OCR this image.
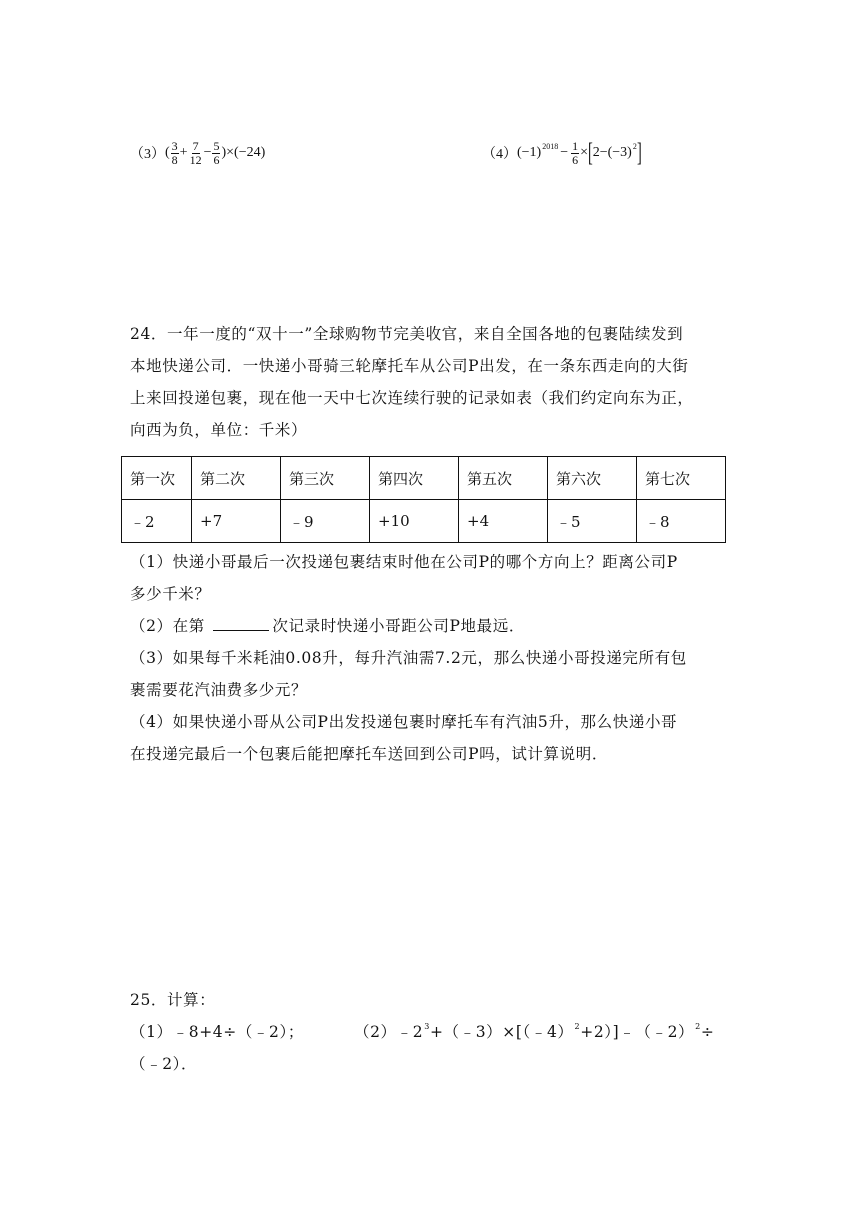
（3） ( $\frac{3}{8} + \frac{7}{12} - \frac{5}{6} )\times(-24)$	（4） (−1) $2018 - \frac{1}{6}$ × [ 2−(−3) 2 ]
24．一年一度的“双十一”全球购物节完美收官，来自全国各地的包裹陆续发到
本地快递公司．一快递小哥骑三轮摩托车从公司P出发，在一条东西走向的大街
上来回投递包裹，现在他一天中七次连续行驶的记录如表（我们约定向东为正，
向西为负，单位：千米）
第一次	第二次	第三次	第四次	第五次	第六次	第七次
﹣2	+7	﹣9	+10	+4	﹣5	﹣8
（1）快递小哥最后一次投递包裹结束时他在公司P的哪个方向上？距离公司P
多少千米？
（2）在第	次记录时快递小哥距公司P地最远．
（3）如果每千米耗油0.08升，每升汽油需7.2元，那么快递小哥投递完所有包
裹需要花汽油费多少元？
（4）如果快递小哥从公司P出发投递包裹时摩托车有汽油5升，那么快递小哥
在投递完最后一个包裹后能把摩托车送回到公司P吗，试计算说明．
25．计算：
（1）﹣8+4÷（﹣2）；	$(2)﹣2^3+(﹣3)\times[(﹣4)^2+2)]﹣(﹣2)^2\div$
（﹣2）．
